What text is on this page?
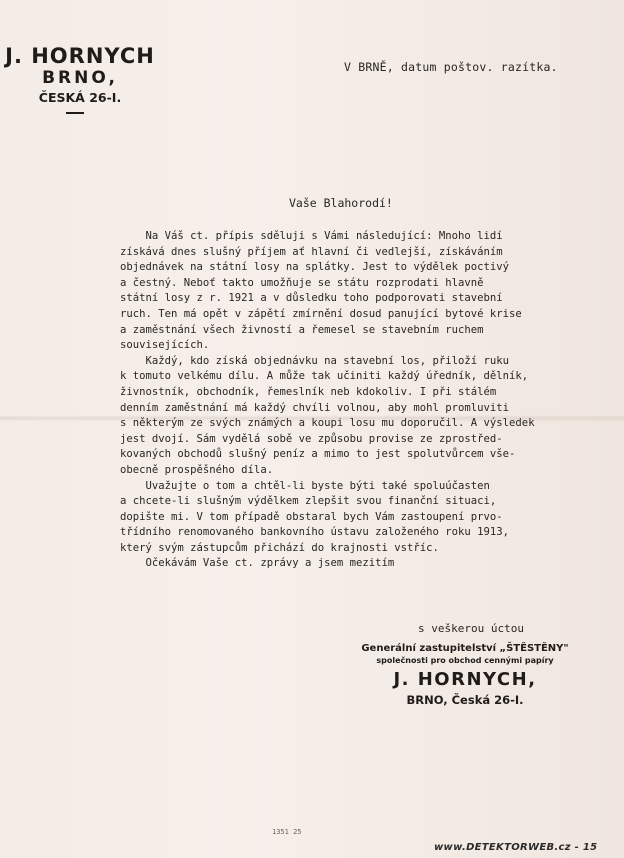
J. HORNYCH
BRNO,
ČESKÁ 26-I.
V BRNĚ, datum poštov. razítka.
Vaše Blahorodí!
Na Váš ct. přípis sděluji s Vámi následující: Mnoho lidí
získává dnes slušný příjem ať hlavní či vedlejší, získáváním
objednávek na státní losy na splátky. Jest to výdělek poctivý
a čestný. Neboť takto umožňuje se státu rozprodati hlavně
státní losy z r. 1921 a v důsledku toho podporovati stavební
ruch. Ten má opět v zápětí zmírnění dosud panující bytové krise
a zaměstnání všech živností a řemesel se stavebním ruchem
souvisejících.
Každý, kdo získá objednávku na stavební los, přiloží ruku
k tomuto velkému dílu. A může tak učiniti každý úředník, dělník,
živnostník, obchodník, řemeslník neb kdokoliv. I při stálém
denním zaměstnání má každý chvíli volnou, aby mohl promluviti
s některým ze svých známých a koupi losu mu doporučil. A výsledek
jest dvojí. Sám vydělá sobě ve způsobu provise ze zprostřed-
kovaných obchodů slušný peníz a mimo to jest spolutvůrcem vše-
obecně prospěšného díla.
Uvažujte o tom a chtěl-li byste býti také spoluúčasten
a chcete-li slušným výdělkem zlepšit svou finanční situaci,
dopište mi. V tom případě obstaral bych Vám zastoupení prvo-
třídního renomovaného bankovního ústavu založeného roku 1913,
který svým zástupcům přichází do krajnosti vstříc.
Očekávám Vaše ct. zprávy a jsem mezitím
s veškerou úctou
Generální zastupitelství „ŠTĚSTĚNY"
společnosti pro obchod cennými papíry
J. HORNYCH,
BRNO, Česká 26-I.
1351 25
www.DETEKTORWEB.cz - 15
